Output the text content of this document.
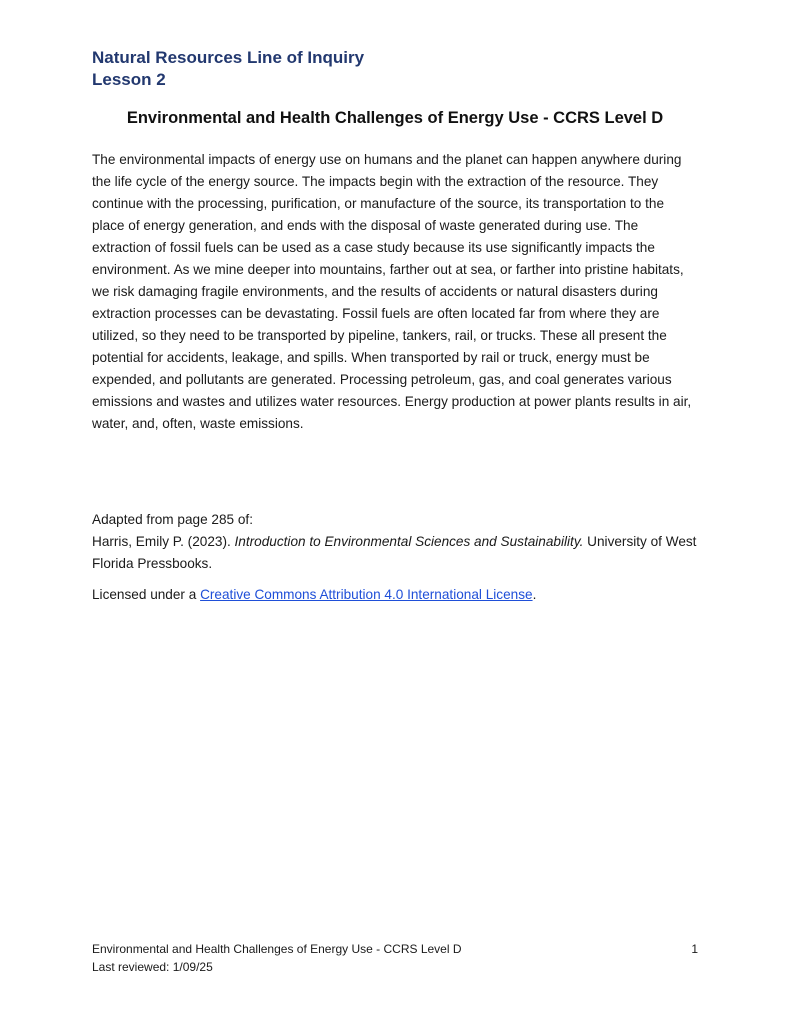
Natural Resources Line of Inquiry
Lesson 2
Environmental and Health Challenges of Energy Use - CCRS Level D
The environmental impacts of energy use on humans and the planet can happen anywhere during the life cycle of the energy source. The impacts begin with the extraction of the resource. They continue with the processing, purification, or manufacture of the source, its transportation to the place of energy generation, and ends with the disposal of waste generated during use. The extraction of fossil fuels can be used as a case study because its use significantly impacts the environment. As we mine deeper into mountains, farther out at sea, or farther into pristine habitats, we risk damaging fragile environments, and the results of accidents or natural disasters during extraction processes can be devastating. Fossil fuels are often located far from where they are utilized, so they need to be transported by pipeline, tankers, rail, or trucks. These all present the potential for accidents, leakage, and spills. When transported by rail or truck, energy must be expended, and pollutants are generated. Processing petroleum, gas, and coal generates various emissions and wastes and utilizes water resources. Energy production at power plants results in air, water, and, often, waste emissions.

Adapted from page 285 of:

Harris, Emily P. (2023). Introduction to Environmental Sciences and Sustainability. University of West Florida Pressbooks.

Licensed under a Creative Commons Attribution 4.0 International License.

Environmental and Health Challenges of Energy Use - CCRS Level D	1
Last reviewed: 1/09/25
